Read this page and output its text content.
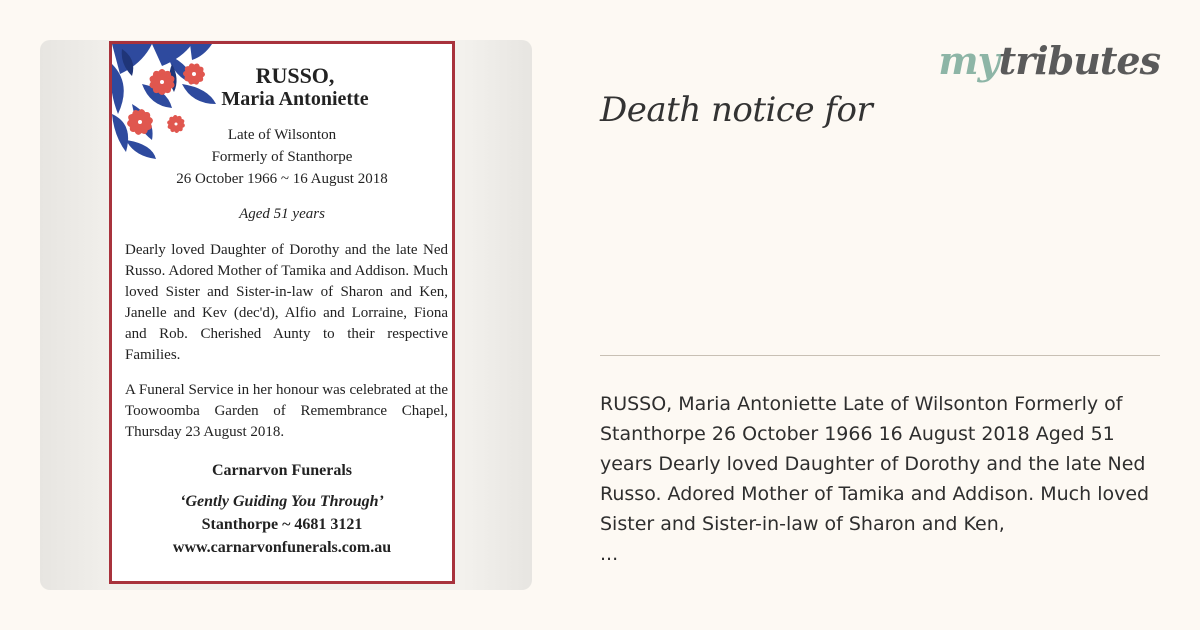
RUSSO,
Maria Antoniette
Late of Wilsonton
Formerly of Stanthorpe
26 October 1966 ~ 16 August 2018
Aged 51 years

Dearly loved Daughter of Dorothy and the late Ned Russo. Adored Mother of Tamika and Addison. Much loved Sister and Sister-in-law of Sharon and Ken, Janelle and Kev (dec'd), Alfio and Lorraine, Fiona and Rob. Cherished Aunty to their respective Families.

A Funeral Service in her honour was celebrated at the Toowoomba Garden of Remembrance Chapel, Thursday 23 August 2018.

Carnarvon Funerals
‘Gently Guiding You Through’
Stanthorpe ~ 4681 3121
www.carnarvonfunerals.com.au
mytributes
Death notice for

RUSSO, Maria Antoniette Late of Wilsonton Formerly of Stanthorpe 26 October 1966 16 August 2018 Aged 51 years Dearly loved Daughter of Dorothy and the late Ned Russo. Adored Mother of Tamika and Addison. Much loved Sister and Sister-in-law of Sharon and Ken,

...
